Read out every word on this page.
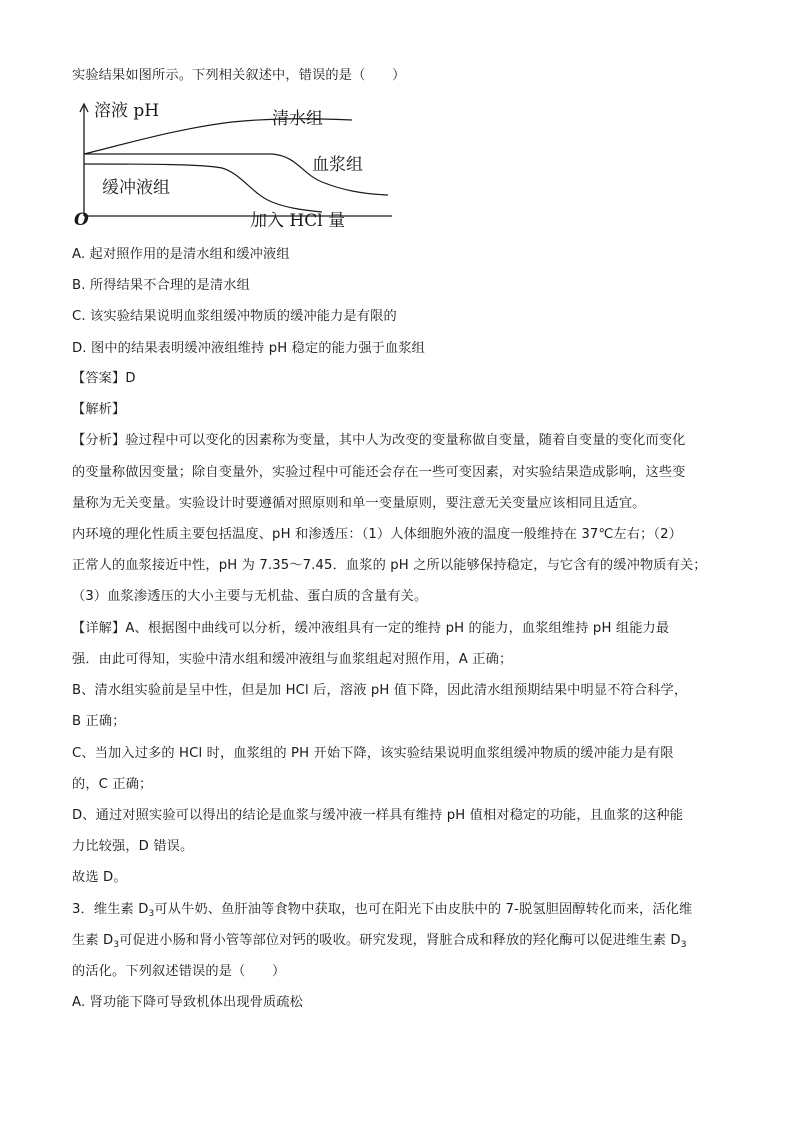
实验结果如图所示。下列相关叙述中，错误的是（　　）
溶液 pH	清水组
血浆组
缓冲液组
O	加入 HCl 量
A. 起对照作用的是清水组和缓冲液组
B. 所得结果不合理的是清水组
C. 该实验结果说明血浆组缓冲物质的缓冲能力是有限的
D. 图中的结果表明缓冲液组维持 pH 稳定的能力强于血浆组
【答案】D
【解析】
【分析】验过程中可以变化的因素称为变量，其中人为改变的变量称做自变量，随着自变量的变化而变化
的变量称做因变量；除自变量外，实验过程中可能还会存在一些可变因素，对实验结果造成影响，这些变
量称为无关变量。实验设计时要遵循对照原则和单一变量原则，要注意无关变量应该相同且适宜。
内环境的理化性质主要包括温度、pH 和渗透压：（1）人体细胞外液的温度一般维持在 37℃左右；（2）
正常人的血浆接近中性，pH 为 7.35～7.45．血浆的 pH 之所以能够保持稳定，与它含有的缓冲物质有关；
（3）血浆渗透压的大小主要与无机盐、蛋白质的含量有关。
【详解】A、根据图中曲线可以分析，缓冲液组具有一定的维持 pH 的能力，血浆组维持 pH 组能力最
强．由此可得知，实验中清水组和缓冲液组与血浆组起对照作用，A 正确；
B、清水组实验前是呈中性，但是加 HCl 后，溶液 pH 值下降，因此清水组预期结果中明显不符合科学，
B 正确；
C、当加入过多的 HCl 时，血浆组的 PH 开始下降，该实验结果说明血浆组缓冲物质的缓冲能力是有限
的，C 正确；
D、通过对照实验可以得出的结论是血浆与缓冲液一样具有维持 pH 值相对稳定的功能，且血浆的这种能
力比较强，D 错误。
故选 D。
3．维生素 $D_3$可从牛奶、鱼肝油等食物中获取，也可在阳光下由皮肤中的 7-脱氢胆固醇转化而来，活化维
生素 $D_3$可促进小肠和肾小管等部位对钙的吸收。研究发现，肾脏合成和释放的羟化酶可以促进维生素 $D_3$
的活化。下列叙述错误的是（　　）
A. 肾功能下降可导致机体出现骨质疏松
